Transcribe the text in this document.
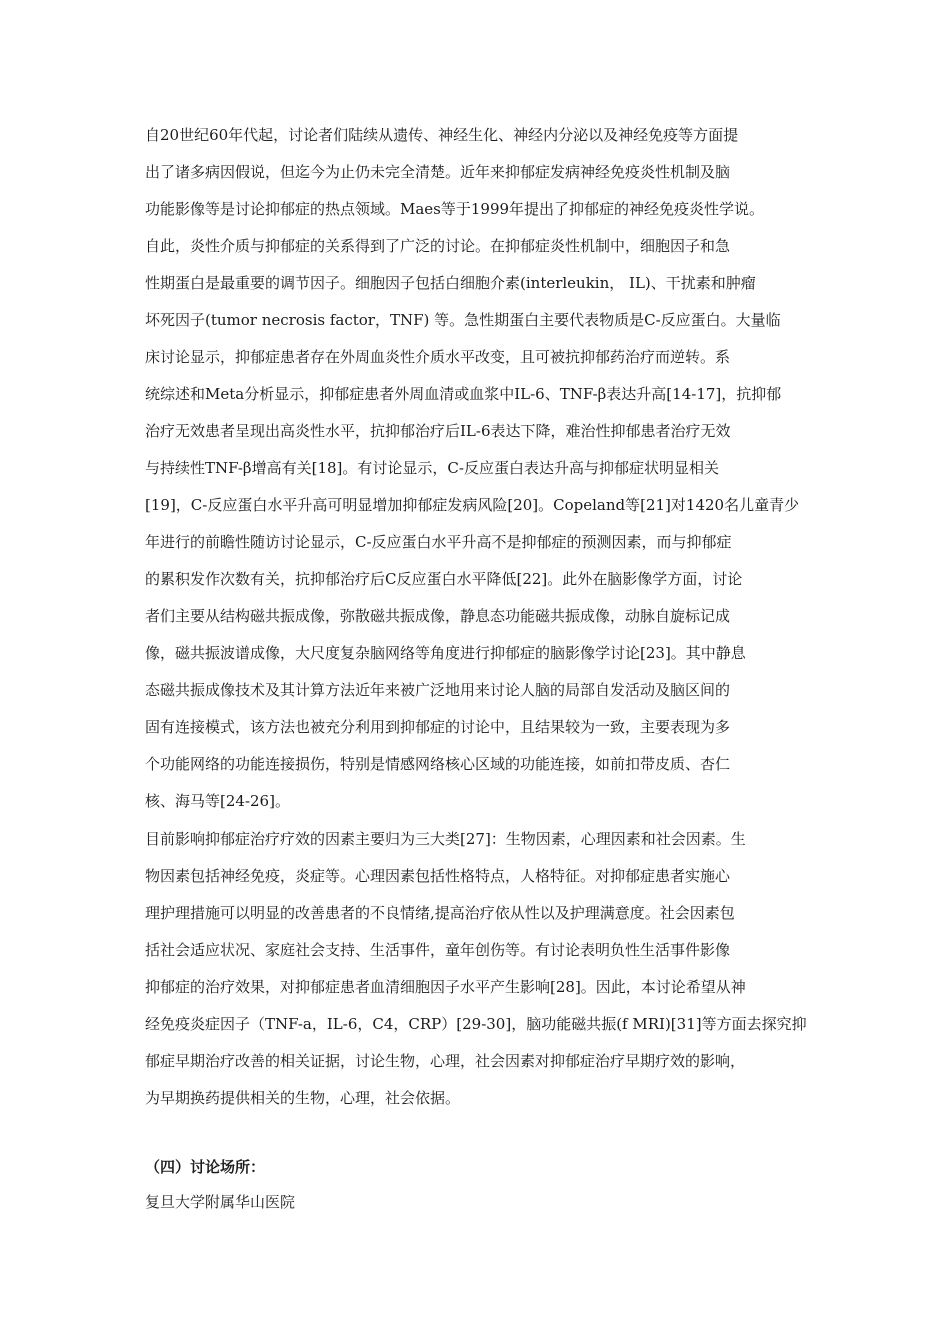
自20世纪60年代起，讨论者们陆续从遗传、神经生化、神经内分泌以及神经免疫等方面提
出了诸多病因假说，但迄今为止仍未完全清楚。近年来抑郁症发病神经免疫炎性机制及脑
功能影像等是讨论抑郁症的热点领域。Maes等于1999年提出了抑郁症的神经免疫炎性学说。
自此，炎性介质与抑郁症的关系得到了广泛的讨论。在抑郁症炎性机制中，细胞因子和急
性期蛋白是最重要的调节因子。细胞因子包括白细胞介素(interleukin， IL)、干扰素和肿瘤
坏死因子(tumor necrosis factor，TNF) 等。急性期蛋白主要代表物质是C-反应蛋白。大量临
床讨论显示，抑郁症患者存在外周血炎性介质水平改变，且可被抗抑郁药治疗而逆转。系
统综述和Meta分析显示，抑郁症患者外周血清或血浆中IL-6、TNF-β表达升高[14-17]，抗抑郁
治疗无效患者呈现出高炎性水平，抗抑郁治疗后IL-6表达下降，难治性抑郁患者治疗无效
与持续性TNF-β增高有关[18]。有讨论显示，C-反应蛋白表达升高与抑郁症状明显相关
[19]，C-反应蛋白水平升高可明显增加抑郁症发病风险[20]。Copeland等[21]对1420名儿童青少
年进行的前瞻性随访讨论显示，C-反应蛋白水平升高不是抑郁症的预测因素，而与抑郁症
的累积发作次数有关，抗抑郁治疗后C反应蛋白水平降低[22]。此外在脑影像学方面，讨论
者们主要从结构磁共振成像，弥散磁共振成像，静息态功能磁共振成像，动脉自旋标记成
像，磁共振波谱成像，大尺度复杂脑网络等角度进行抑郁症的脑影像学讨论[23]。其中静息
态磁共振成像技术及其计算方法近年来被广泛地用来讨论人脑的局部自发活动及脑区间的
固有连接模式，该方法也被充分利用到抑郁症的讨论中，且结果较为一致，主要表现为多
个功能网络的功能连接损伤，特别是情感网络核心区域的功能连接，如前扣带皮质、杏仁
核、海马等[24-26]。
目前影响抑郁症治疗疗效的因素主要归为三大类[27]：生物因素，心理因素和社会因素。生
物因素包括神经免疫，炎症等。心理因素包括性格特点，人格特征。对抑郁症患者实施心
理护理措施可以明显的改善患者的不良情绪,提高治疗依从性以及护理满意度。社会因素包
括社会适应状况、家庭社会支持、生活事件，童年创伤等。有讨论表明负性生活事件影像
抑郁症的治疗效果，对抑郁症患者血清细胞因子水平产生影响[28]。因此，本讨论希望从神
经免疫炎症因子（TNF-a，IL-6，C4，CRP）[29-30]，脑功能磁共振(f MRI)[31]等方面去探究抑
郁症早期治疗改善的相关证据，讨论生物，心理，社会因素对抑郁症治疗早期疗效的影响，
为早期换药提供相关的生物，心理，社会依据。
（四）讨论场所：
复旦大学附属华山医院
